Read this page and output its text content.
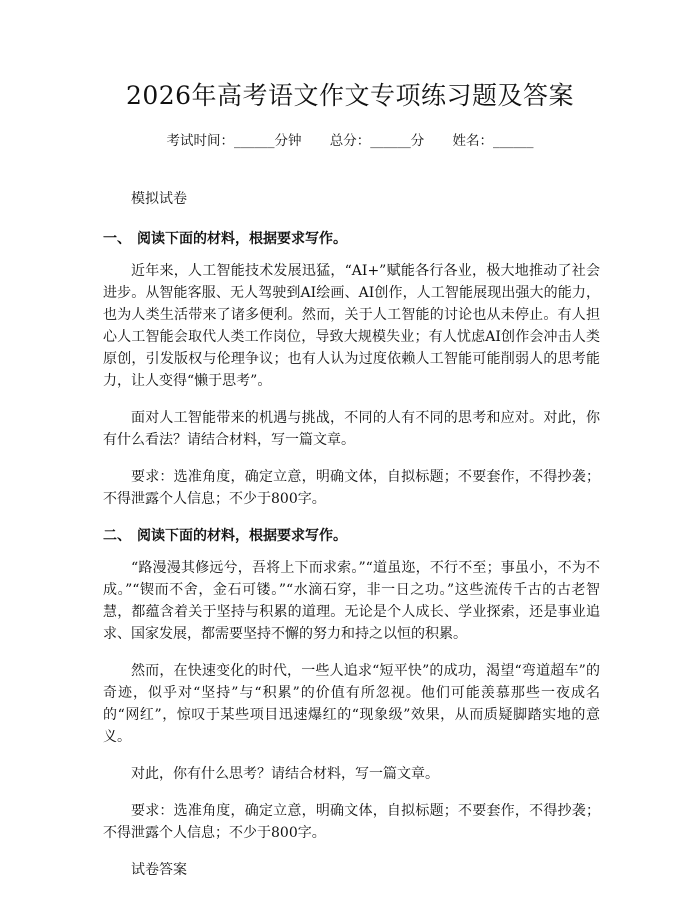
2026年高考语文作文专项练习题及答案
考试时间：______分钟 总分：______分 姓名：______

模拟试卷

一、 阅读下面的材料，根据要求写作。

近年来，人工智能技术发展迅猛，“AI+”赋能各行各业，极大地推动了社会进步。从智能客服、无人驾驶到AI绘画、AI创作，人工智能展现出强大的能力，也为人类生活带来了诸多便利。然而，关于人工智能的讨论也从未停止。有人担心人工智能会取代人类工作岗位，导致大规模失业；有人忧虑AI创作会冲击人类原创，引发版权与伦理争议；也有人认为过度依赖人工智能可能削弱人的思考能力，让人变得“懒于思考”。

面对人工智能带来的机遇与挑战，不同的人有不同的思考和应对。对此，你有什么看法？请结合材料，写一篇文章。

要求：选准角度，确定立意，明确文体，自拟标题；不要套作，不得抄袭；不得泄露个人信息；不少于800字。

二、 阅读下面的材料，根据要求写作。

“路漫漫其修远兮，吾将上下而求索。”“道虽迩，不行不至；事虽小，不为不成。”“锲而不舍，金石可镂。”“水滴石穿，非一日之功。”这些流传千古的古老智慧，都蕴含着关于坚持与积累的道理。无论是个人成长、学业探索，还是事业追求、国家发展，都需要坚持不懈的努力和持之以恒的积累。

然而，在快速变化的时代，一些人追求“短平快”的成功，渴望“弯道超车”的奇迹，似乎对“坚持”与“积累”的价值有所忽视。他们可能羡慕那些一夜成名的“网红”，惊叹于某些项目迅速爆红的“现象级”效果，从而质疑脚踏实地的意义。

对此，你有什么思考？请结合材料，写一篇文章。

要求：选准角度，确定立意，明确文体，自拟标题；不要套作，不得抄袭；不得泄露个人信息；不少于800字。

试卷答案
